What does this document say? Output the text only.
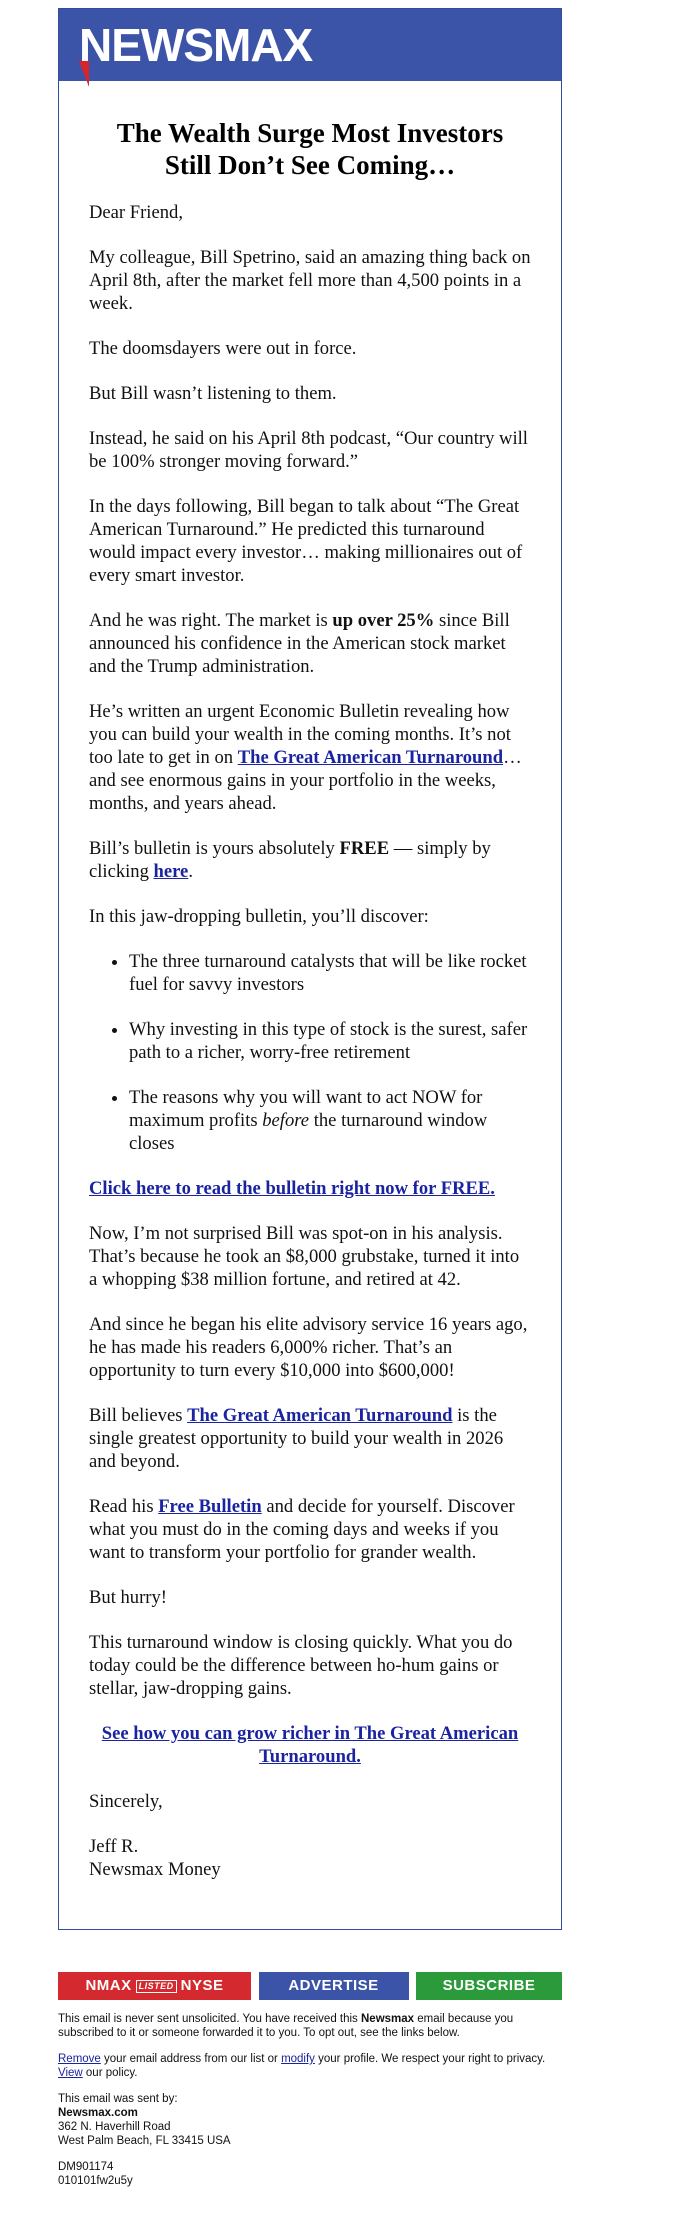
NEWSMAX
The Wealth Surge Most Investors
Still Don’t See Coming…

Dear Friend,

My colleague, Bill Spetrino, said an amazing thing back on April 8th, after the market fell more than 4,500 points in a week.

The doomsdayers were out in force.

But Bill wasn’t listening to them.

Instead, he said on his April 8th podcast, “Our country will be 100% stronger moving forward.”

In the days following, Bill began to talk about “The Great American Turnaround.” He predicted this turnaround would impact every investor… making millionaires out of every smart investor.

And he was right. The market is up over 25% since Bill announced his confidence in the American stock market and the Trump administration.

He’s written an urgent Economic Bulletin revealing how you can build your wealth in the coming months. It’s not too late to get in on The Great American Turnaround… and see enormous gains in your portfolio in the weeks, months, and years ahead.

Bill’s bulletin is yours absolutely FREE — simply by clicking here.

In this jaw-dropping bulletin, you’ll discover:

• The three turnaround catalysts that will be like rocket fuel for savvy investors
• Why investing in this type of stock is the surest, safer path to a richer, worry-free retirement
• The reasons why you will want to act NOW for maximum profits before the turnaround window closes

Click here to read the bulletin right now for FREE.

Now, I’m not surprised Bill was spot-on in his analysis. That’s because he took an $8,000 grubstake, turned it into a whopping $38 million fortune, and retired at 42.

And since he began his elite advisory service 16 years ago, he has made his readers 6,000% richer. That’s an opportunity to turn every $10,000 into $600,000!

Bill believes The Great American Turnaround is the single greatest opportunity to build your wealth in 2026 and beyond.

Read his Free Bulletin and decide for yourself. Discover what you must do in the coming days and weeks if you want to transform your portfolio for grander wealth.

But hurry!

This turnaround window is closing quickly. What you do today could be the difference between ho-hum gains or stellar, jaw-dropping gains.

See how you can grow richer in The Great American Turnaround.

Sincerely,

Jeff R.
Newsmax Money

NMAX LISTED NYSE	ADVERTISE	SUBSCRIBE

This email is never sent unsolicited. You have received this Newsmax email because you subscribed to it or someone forwarded it to you. To opt out, see the links below.

Remove your email address from our list or modify your profile. We respect your right to privacy. View our policy.

This email was sent by:
Newsmax.com
362 N. Haverhill Road
West Palm Beach, FL 33415 USA

DM901174
010101fw2u5y
